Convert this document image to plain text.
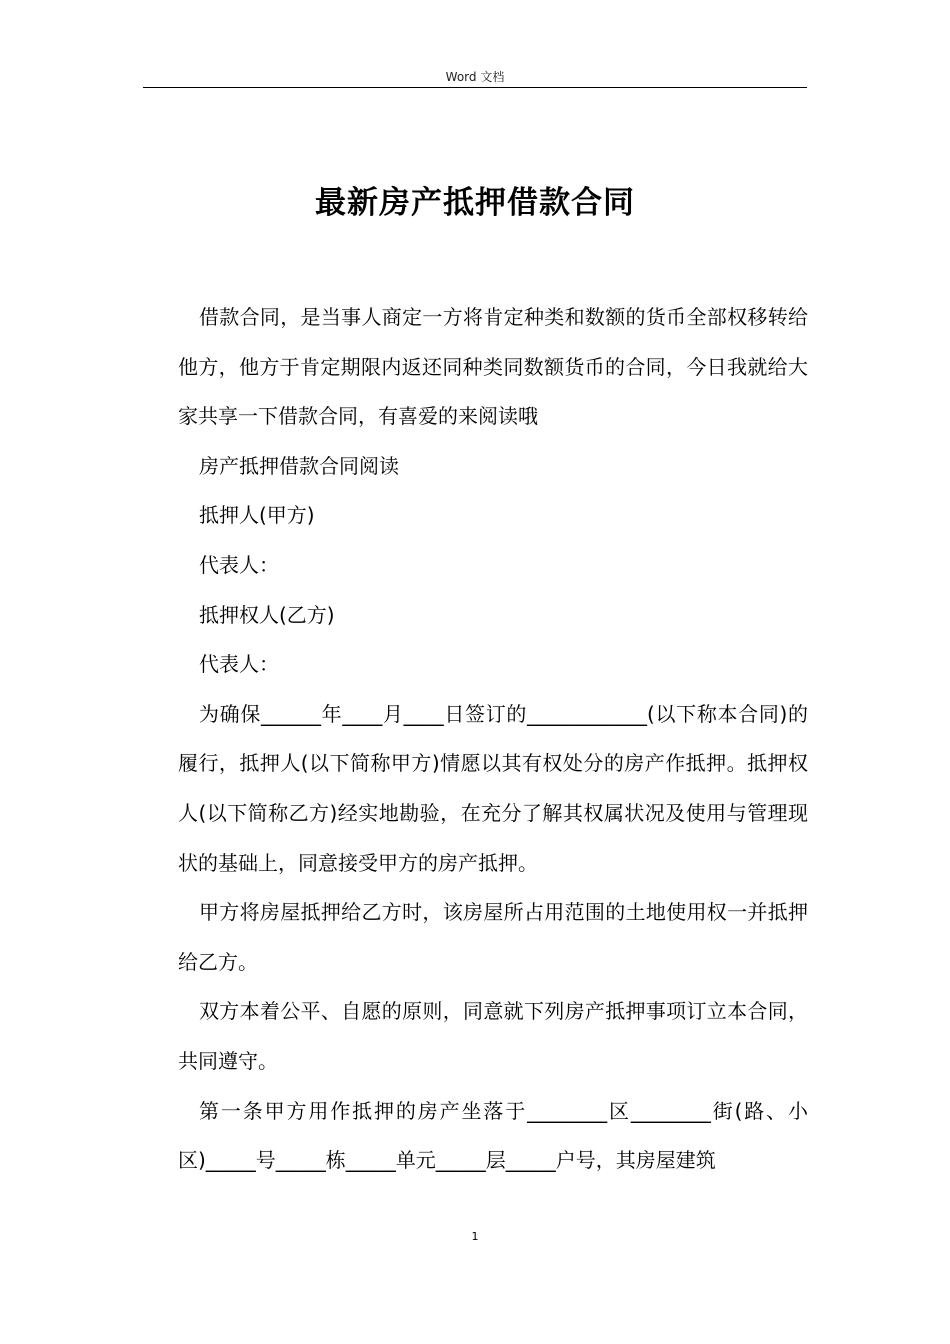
Word 文档
最新房产抵押借款合同

借款合同，是当事人商定一方将肯定种类和数额的货币全部权移转给他方，他方于肯定期限内返还同种类同数额货币的合同，今日我就给大家共享一下借款合同，有喜爱的来阅读哦

房产抵押借款合同阅读

抵押人(甲方)

代表人：

抵押权人(乙方)

代表人：

为确保______年____月____日签订的____________(以下称本合同)的履行，抵押人(以下简称甲方)情愿以其有权处分的房产作抵押。抵押权人(以下简称乙方)经实地勘验，在充分了解其权属状况及使用与管理现状的基础上，同意接受甲方的房产抵押。

甲方将房屋抵押给乙方时，该房屋所占用范围的土地使用权一并抵押给乙方。

双方本着公平、自愿的原则，同意就下列房产抵押事项订立本合同，共同遵守。

第一条甲方用作抵押的房产坐落于________区________街(路、小区)_____号_____栋_____单元_____层_____户号，其房屋建筑

1
